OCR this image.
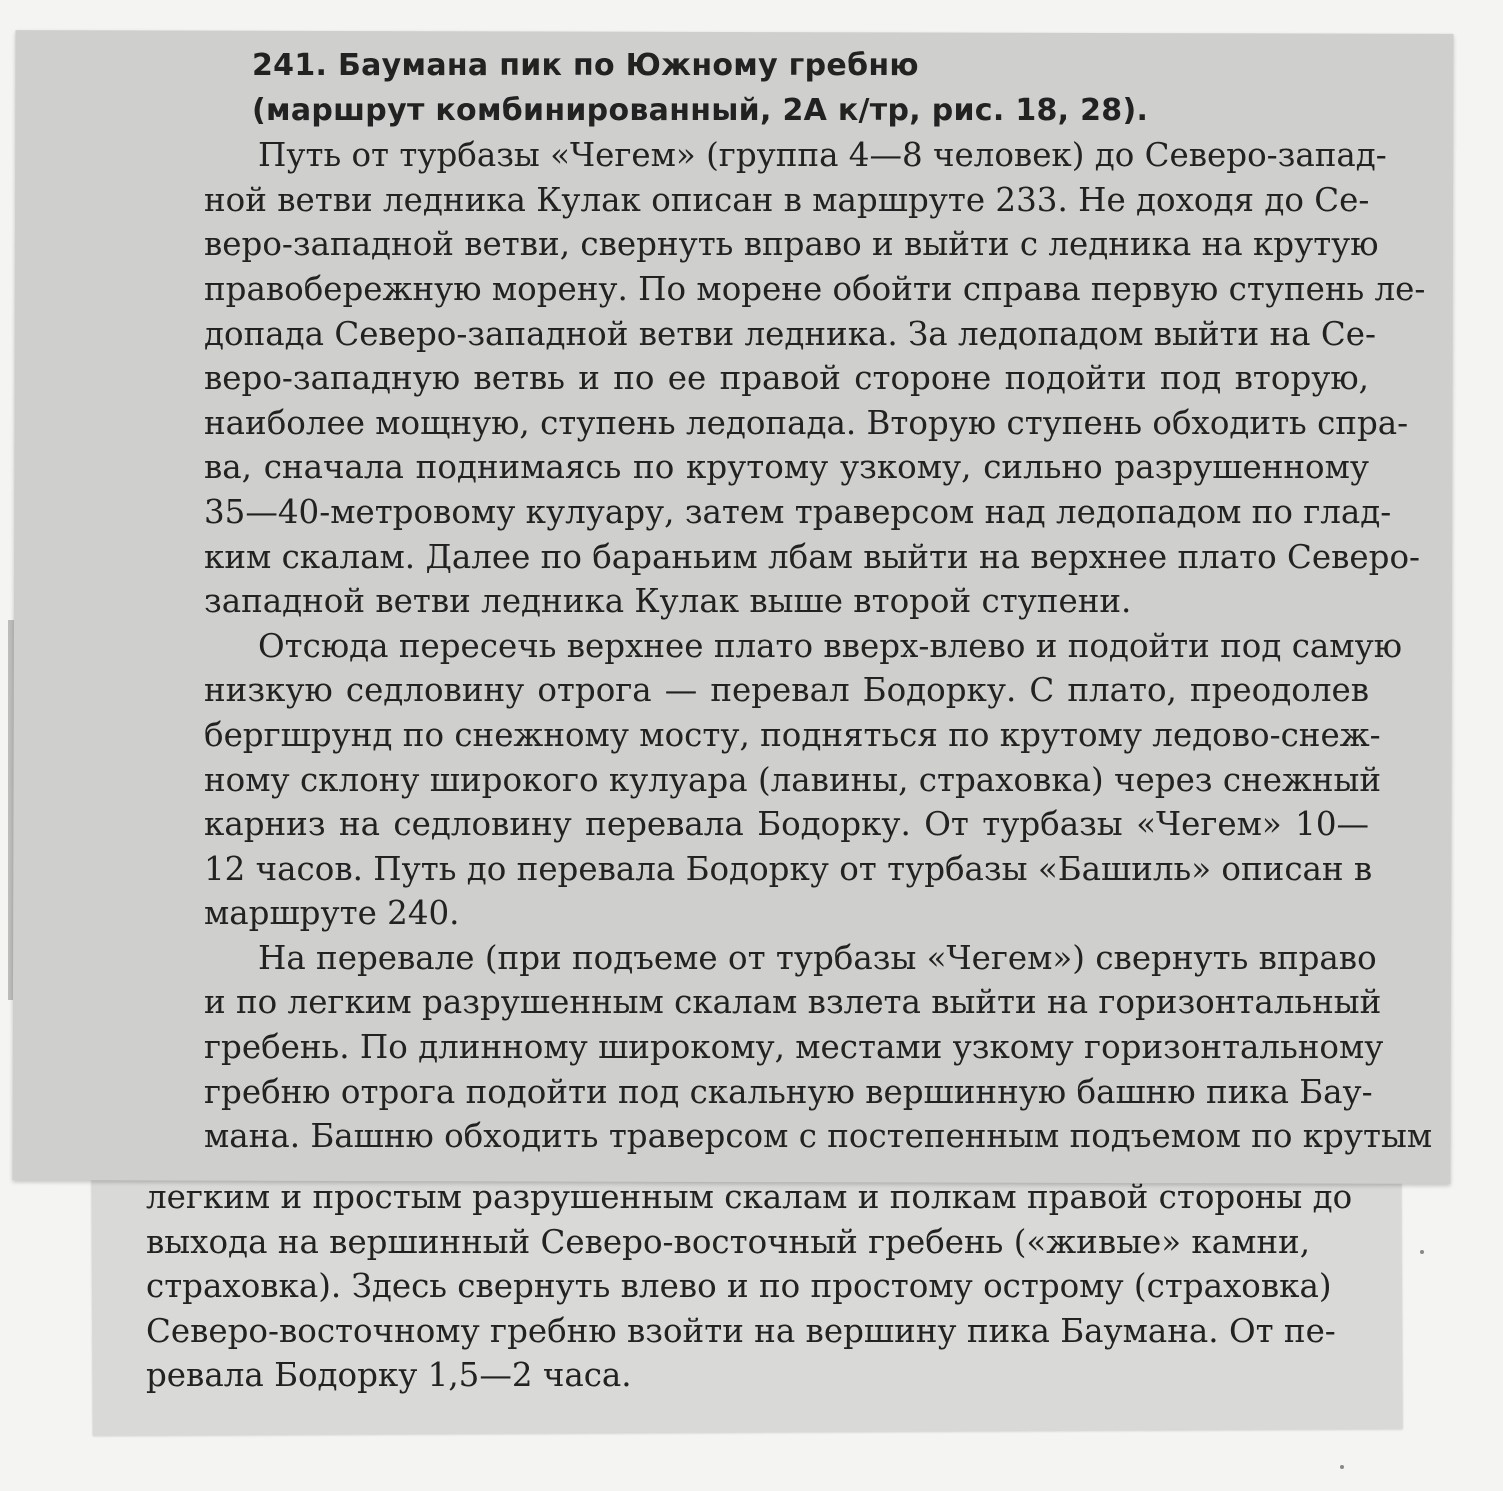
241. Баумана пик по Южному гребню
(маршрут комбинированный, 2А к/тр, рис. 18, 28).
Путь от турбазы «Чегем» (группа 4—8 человек) до Северо-запад-
ной ветви ледника Кулак описан в маршруте 233. Не доходя до Се-
веро-западной ветви, свернуть вправо и выйти с ледника на крутую
правобережную морену. По морене обойти справа первую ступень ле-
допада Северо-западной ветви ледника. За ледопадом выйти на Се-
веро-западную ветвь и по ее правой стороне подойти под вторую,
наиболее мощную, ступень ледопада. Вторую ступень обходить спра-
ва, сначала поднимаясь по крутому узкому, сильно разрушенному
35—40-метровому кулуару, затем траверсом над ледопадом по глад-
ким скалам. Далее по бараньим лбам выйти на верхнее плато Северо-
западной ветви ледника Кулак выше второй ступени.
Отсюда пересечь верхнее плато вверх-влево и подойти под самую
низкую седловину отрога — перевал Бодорку. С плато, преодолев
бергшрунд по снежному мосту, подняться по крутому ледово-снеж-
ному склону широкого кулуара (лавины, страховка) через снежный
карниз на седловину перевала Бодорку. От турбазы «Чегем» 10—
12 часов. Путь до перевала Бодорку от турбазы «Башиль» описан в
маршруте 240.
На перевале (при подъеме от турбазы «Чегем») свернуть вправо
и по легким разрушенным скалам взлета выйти на горизонтальный
гребень. По длинному широкому, местами узкому горизонтальному
гребню отрога подойти под скальную вершинную башню пика Бау-
мана. Башню обходить траверсом с постепенным подъемом по крутым
легким и простым разрушенным скалам и полкам правой стороны до
выхода на вершинный Северо-восточный гребень («живые» камни,
страховка). Здесь свернуть влево и по простому острому (страховка)
Северо-восточному гребню взойти на вершину пика Баумана. От пе-
ревала Бодорку 1,5—2 часа.
